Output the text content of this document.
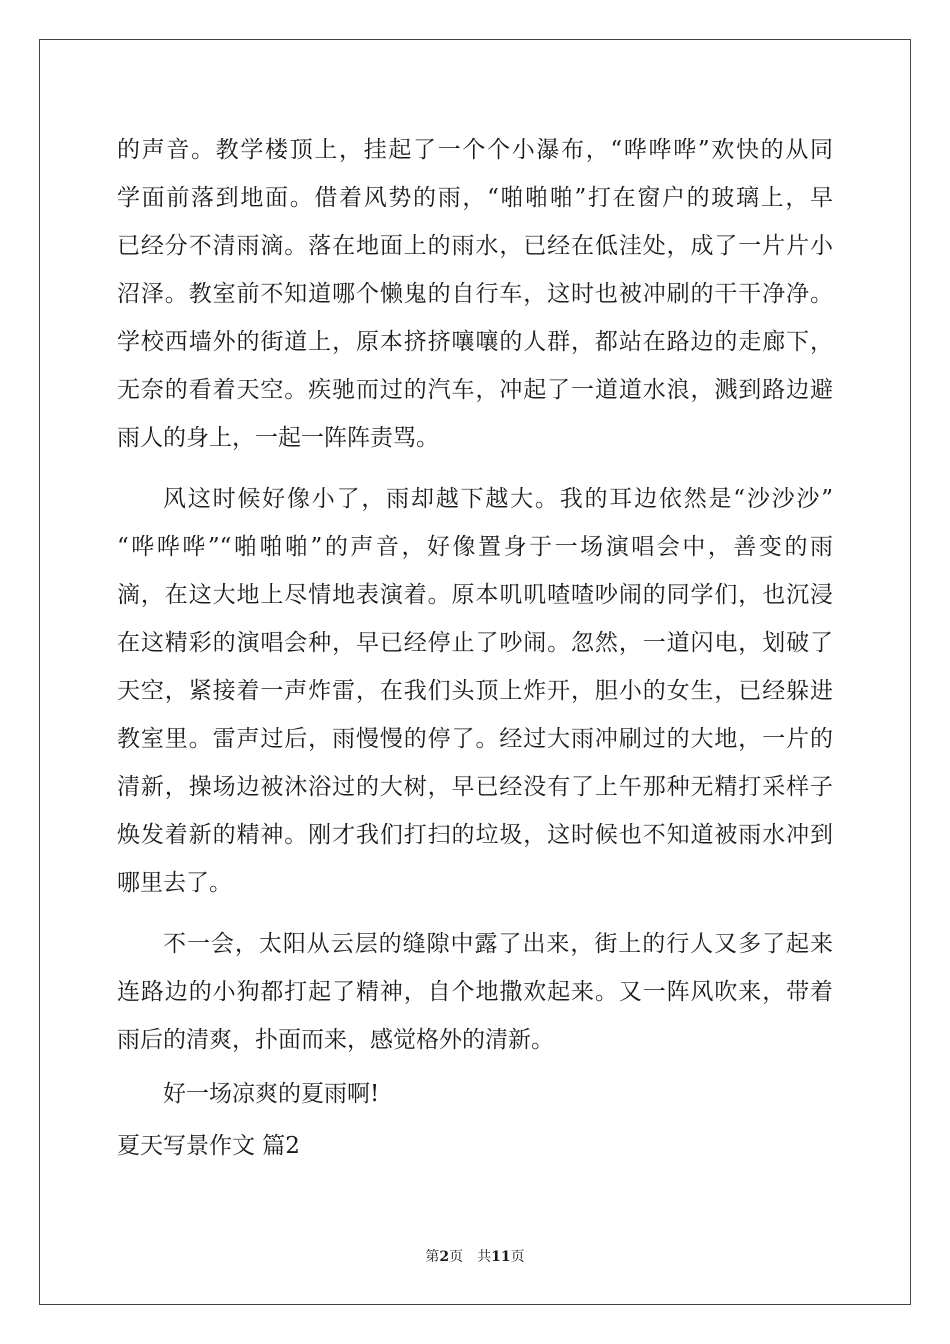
的声音。教学楼顶上，挂起了一个个小瀑布，“哗哗哗”欢快的从同
学面前落到地面。借着风势的雨，“啪啪啪”打在窗户的玻璃上，早
已经分不清雨滴。落在地面上的雨水，已经在低洼处，成了一片片小
沼泽。教室前不知道哪个懒鬼的自行车，这时也被冲刷的干干净净。
学校西墙外的街道上，原本挤挤嚷嚷的人群，都站在路边的走廊下，
无奈的看着天空。疾驰而过的汽车，冲起了一道道水浪，溅到路边避
雨人的身上，一起一阵阵责骂。
风这时候好像小了，雨却越下越大。我的耳边依然是“沙沙沙”
“哗哗哗”“啪啪啪”的声音，好像置身于一场演唱会中，善变的雨
滴，在这大地上尽情地表演着。原本叽叽喳喳吵闹的同学们，也沉浸
在这精彩的演唱会种，早已经停止了吵闹。忽然，一道闪电，划破了
天空，紧接着一声炸雷，在我们头顶上炸开，胆小的女生，已经躲进
教室里。雷声过后，雨慢慢的停了。经过大雨冲刷过的大地，一片的
清新，操场边被沐浴过的大树，早已经没有了上午那种无精打采样子
焕发着新的精神。刚才我们打扫的垃圾，这时候也不知道被雨水冲到
哪里去了。
不一会，太阳从云层的缝隙中露了出来，街上的行人又多了起来
连路边的小狗都打起了精神，自个地撒欢起来。又一阵风吹来，带着
雨后的清爽，扑面而来，感觉格外的清新。
好一场凉爽的夏雨啊!
夏天写景作文 篇2
第2页　共11页
